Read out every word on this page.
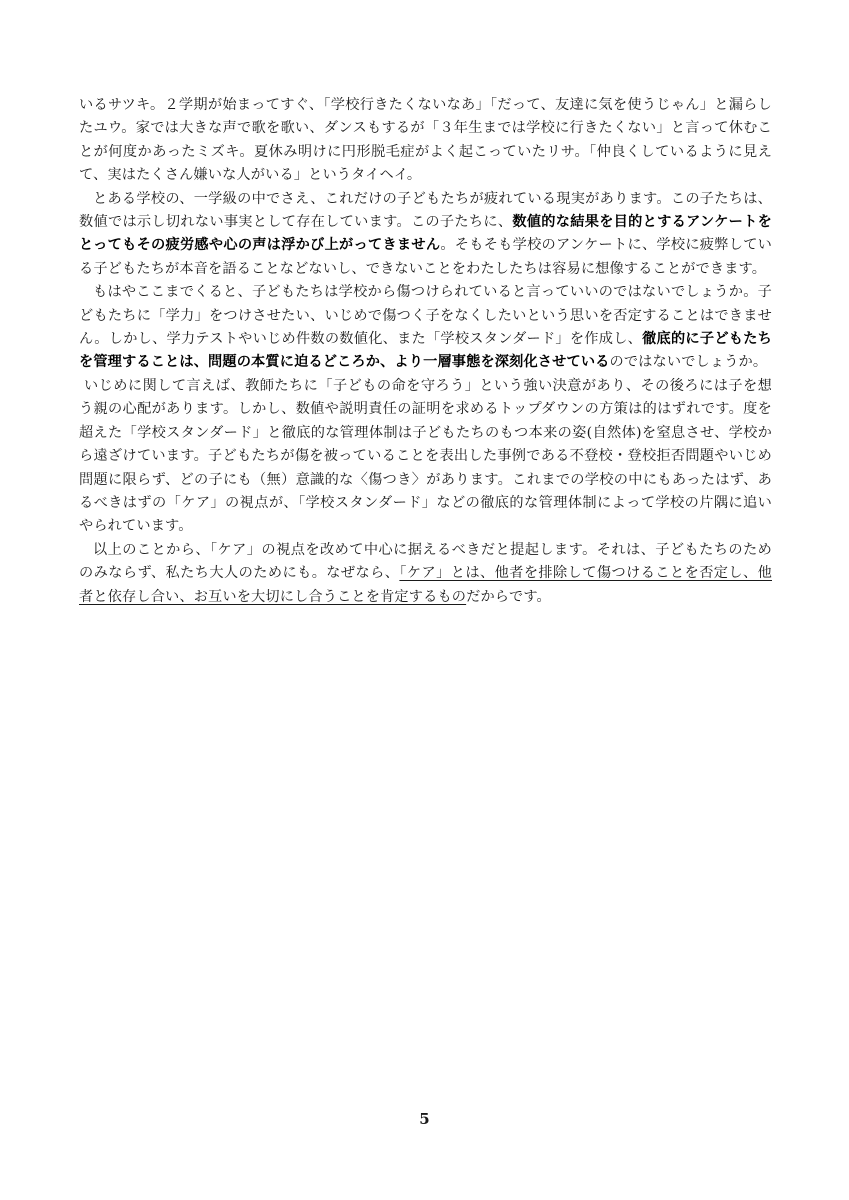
いるサツキ。２学期が始まってすぐ、「学校行きたくないなあ」「だって、友達に気を使うじゃん」と漏らしたユウ。家では大きな声で歌を歌い、ダンスもするが「３年生までは学校に行きたくない」と言って休むことが何度かあったミズキ。夏休み明けに円形脱毛症がよく起こっていたリサ。「仲良くしているように見えて、実はたくさん嫌いな人がいる」というタイヘイ。

とある学校の、一学級の中でさえ、これだけの子どもたちが疲れている現実があります。この子たちは、数値では示し切れない事実として存在しています。この子たちに、数値的な結果を目的とするアンケートをとってもその疲労感や心の声は浮かび上がってきません。そもそも学校のアンケートに、学校に疲弊している子どもたちが本音を語ることなどないし、できないことをわたしたちは容易に想像することができます。

もはやここまでくると、子どもたちは学校から傷つけられていると言っていいのではないでしょうか。子どもたちに「学力」をつけさせたい、いじめで傷つく子をなくしたいという思いを否定することはできません。しかし、学力テストやいじめ件数の数値化、また「学校スタンダード」を作成し、徹底的に子どもたちを管理することは、問題の本質に迫るどころか、より一層事態を深刻化させているのではないでしょうか。

いじめに関して言えば、教師たちに「子どもの命を守ろう」という強い決意があり、その後ろには子を想う親の心配があります。しかし、数値や説明責任の証明を求めるトップダウンの方策は的はずれです。度を超えた「学校スタンダード」と徹底的な管理体制は子どもたちのもつ本来の姿(自然体)を窒息させ、学校から遠ざけています。子どもたちが傷を被っていることを表出した事例である不登校・登校拒否問題やいじめ問題に限らず、どの子にも（無）意識的な〈傷つき〉があります。これまでの学校の中にもあったはず、あるべきはずの「ケア」の視点が、「学校スタンダード」などの徹底的な管理体制によって学校の片隅に追いやられています。

以上のことから、「ケア」の視点を改めて中心に据えるべきだと提起します。それは、子どもたちのためのみならず、私たち大人のためにも。なぜなら、「ケア」とは、他者を排除して傷つけることを否定し、他者と依存し合い、お互いを大切にし合うことを肯定するものだからです。

5
